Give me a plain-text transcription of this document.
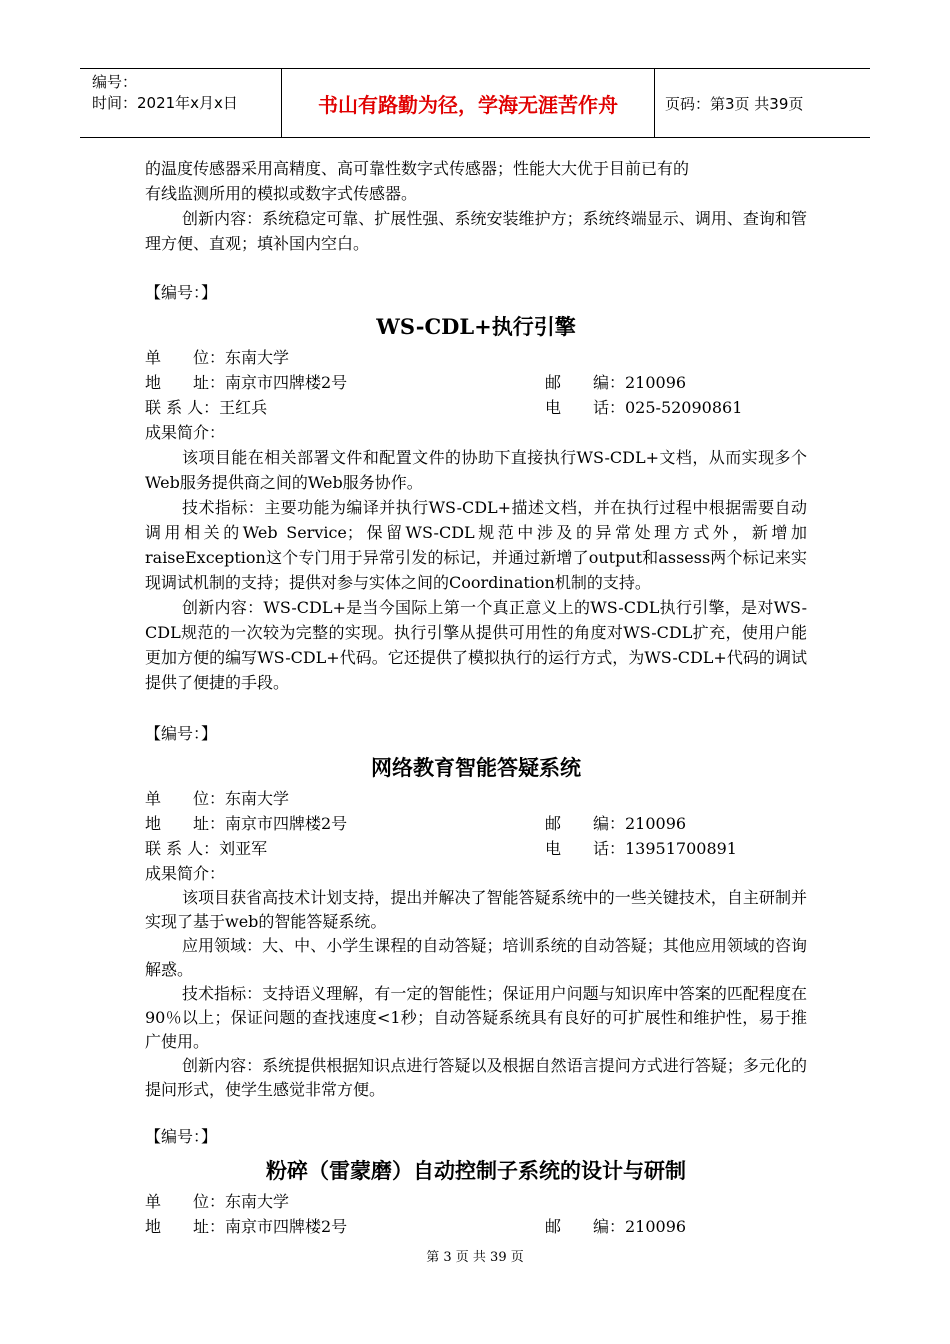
编号：
时间：2021年x月x日	书山有路勤为径，学海无涯苦作舟	页码：第3页 共39页

的温度传感器采用高精度、高可靠性数字式传感器；性能大大优于目前已有的

有线监测所用的模拟或数字式传感器。

创新内容：系统稳定可靠、扩展性强、系统安装维护方；系统终端显示、调用、查询和管理方便、直观；填补国内空白。

【编号：】

WS-CDL+执行引擎

单　　位：东南大学
地　　址：南京市四牌楼2号	邮　　编：210096
联 系 人：王红兵	电　　话：025-52090861

成果简介：

该项目能在相关部署文件和配置文件的协助下直接执行WS-CDL+文档，从而实现多个Web服务提供商之间的Web服务协作。

技术指标：主要功能为编译并执行WS-CDL+描述文档，并在执行过程中根据需要自动调用相关的Web Service；保留WS-CDL规范中涉及的异常处理方式外，新增加raiseException这个专门用于异常引发的标记，并通过新增了output和assess两个标记来实现调试机制的支持；提供对参与实体之间的Coordination机制的支持。

创新内容：WS-CDL+是当今国际上第一个真正意义上的WS-CDL执行引擎，是对WS-CDL规范的一次较为完整的实现。执行引擎从提供可用性的角度对WS-CDL扩充，使用户能更加方便的编写WS-CDL+代码。它还提供了模拟执行的运行方式，为WS-CDL+代码的调试提供了便捷的手段。

【编号：】

网络教育智能答疑系统

单　　位：东南大学
地　　址：南京市四牌楼2号	邮　　编：210096
联 系 人：刘亚军	电　　话：13951700891

成果简介：

该项目获省高技术计划支持，提出并解决了智能答疑系统中的一些关键技术，自主研制并实现了基于web的智能答疑系统。

应用领域：大、中、小学生课程的自动答疑；培训系统的自动答疑；其他应用领域的咨询解惑。

技术指标：支持语义理解，有一定的智能性；保证用户问题与知识库中答案的匹配程度在90％以上；保证问题的查找速度<1秒；自动答疑系统具有良好的可扩展性和维护性，易于推广使用。

创新内容：系统提供根据知识点进行答疑以及根据自然语言提问方式进行答疑；多元化的提问形式，使学生感觉非常方便。

【编号：】

粉碎（雷蒙磨）自动控制子系统的设计与研制

单　　位：东南大学
地　　址：南京市四牌楼2号	邮　　编：210096
第 3 页 共 39 页
